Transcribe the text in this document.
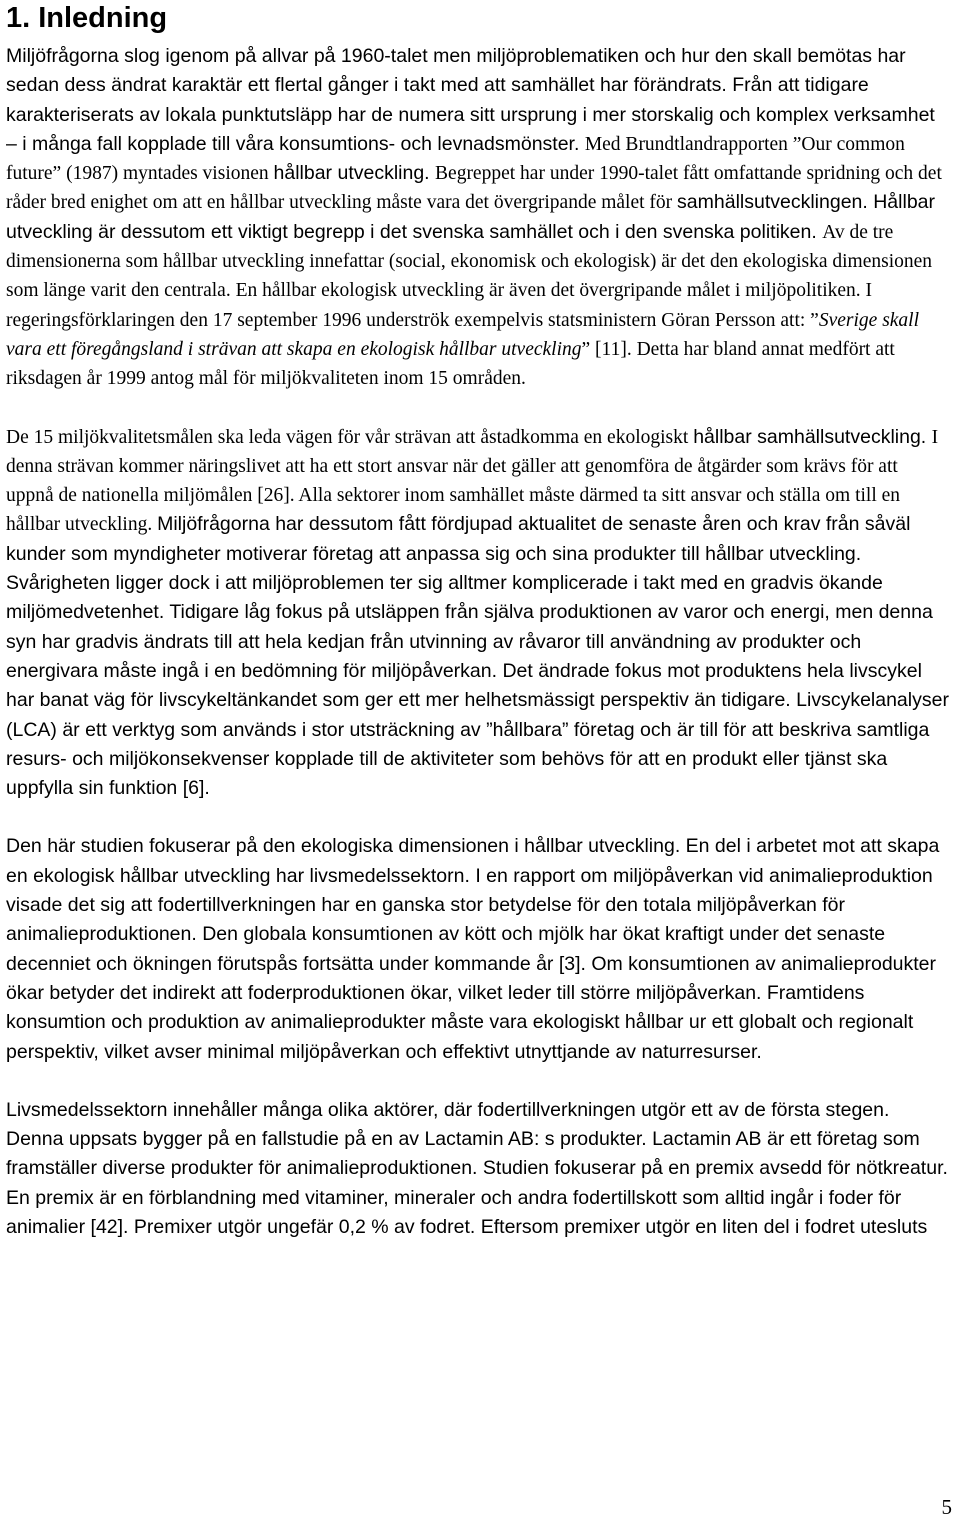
1. Inledning

Miljöfrågorna slog igenom på allvar på 1960-talet men miljöproblematiken och hur den skall bemötas har sedan dess ändrat karaktär ett flertal gånger i takt med att samhället har förändrats. Från att tidigare karakteriserats av lokala punktutsläpp har de numera sitt ursprung i mer storskalig och komplex verksamhet – i många fall kopplade till våra konsumtions- och levnadsmönster. Med Brundtlandrapporten ”Our common future” (1987) myntades visionen hållbar utveckling. Begreppet har under 1990-talet fått omfattande spridning och det råder bred enighet om att en hållbar utveckling måste vara det övergripande målet för samhällsutvecklingen. Hållbar utveckling är dessutom ett viktigt begrepp i det svenska samhället och i den svenska politiken. Av de tre dimensionerna som hållbar utveckling innefattar (social, ekonomisk och ekologisk) är det den ekologiska dimensionen som länge varit den centrala. En hållbar ekologisk utveckling är även det övergripande målet i miljöpolitiken. I regeringsförklaringen den 17 september 1996 underströk exempelvis statsministern Göran Persson att: ”Sverige skall vara ett föregångsland i strävan att skapa en ekologisk hållbar utveckling” [11]. Detta har bland annat medfört att riksdagen år 1999 antog mål för miljökvaliteten inom 15 områden.

De 15 miljökvalitetsmålen ska leda vägen för vår strävan att åstadkomma en ekologiskt hållbar samhällsutveckling. I denna strävan kommer näringslivet att ha ett stort ansvar när det gäller att genomföra de åtgärder som krävs för att uppnå de nationella miljömålen [26]. Alla sektorer inom samhället måste därmed ta sitt ansvar och ställa om till en hållbar utveckling. Miljöfrågorna har dessutom fått fördjupad aktualitet de senaste åren och krav från såväl kunder som myndigheter motiverar företag att anpassa sig och sina produkter till hållbar utveckling. Svårigheten ligger dock i att miljöproblemen ter sig alltmer komplicerade i takt med en gradvis ökande miljömedvetenhet. Tidigare låg fokus på utsläppen från själva produktionen av varor och energi, men denna syn har gradvis ändrats till att hela kedjan från utvinning av råvaror till användning av produkter och energivara måste ingå i en bedömning för miljöpåverkan. Det ändrade fokus mot produktens hela livscykel har banat väg för livscykeltänkandet som ger ett mer helhetsmässigt perspektiv än tidigare. Livscykelanalyser (LCA) är ett verktyg som används i stor utsträckning av ”hållbara” företag och är till för att beskriva samtliga resurs- och miljökonsekvenser kopplade till de aktiviteter som behövs för att en produkt eller tjänst ska uppfylla sin funktion [6].

Den här studien fokuserar på den ekologiska dimensionen i hållbar utveckling. En del i arbetet mot att skapa en ekologisk hållbar utveckling har livsmedelssektorn. I en rapport om miljöpåverkan vid animalieproduktion visade det sig att fodertillverkningen har en ganska stor betydelse för den totala miljöpåverkan för animalieproduktionen. Den globala konsumtionen av kött och mjölk har ökat kraftigt under det senaste decenniet och ökningen förutspås fortsätta under kommande år [3]. Om konsumtionen av animalieprodukter ökar betyder det indirekt att foderproduktionen ökar, vilket leder till större miljöpåverkan. Framtidens konsumtion och produktion av animalieprodukter måste vara ekologiskt hållbar ur ett globalt och regionalt perspektiv, vilket avser minimal miljöpåverkan och effektivt utnyttjande av naturresurser.

Livsmedelssektorn innehåller många olika aktörer, där fodertillverkningen utgör ett av de första stegen. Denna uppsats bygger på en fallstudie på en av Lactamin AB: s produkter. Lactamin AB är ett företag som framställer diverse produkter för animalieproduktionen. Studien fokuserar på en premix avsedd för nötkreatur. En premix är en förblandning med vitaminer, mineraler och andra fodertillskott som alltid ingår i foder för animalier [42]. Premixer utgör ungefär 0,2 % av fodret. Eftersom premixer utgör en liten del i fodret utesluts

5
